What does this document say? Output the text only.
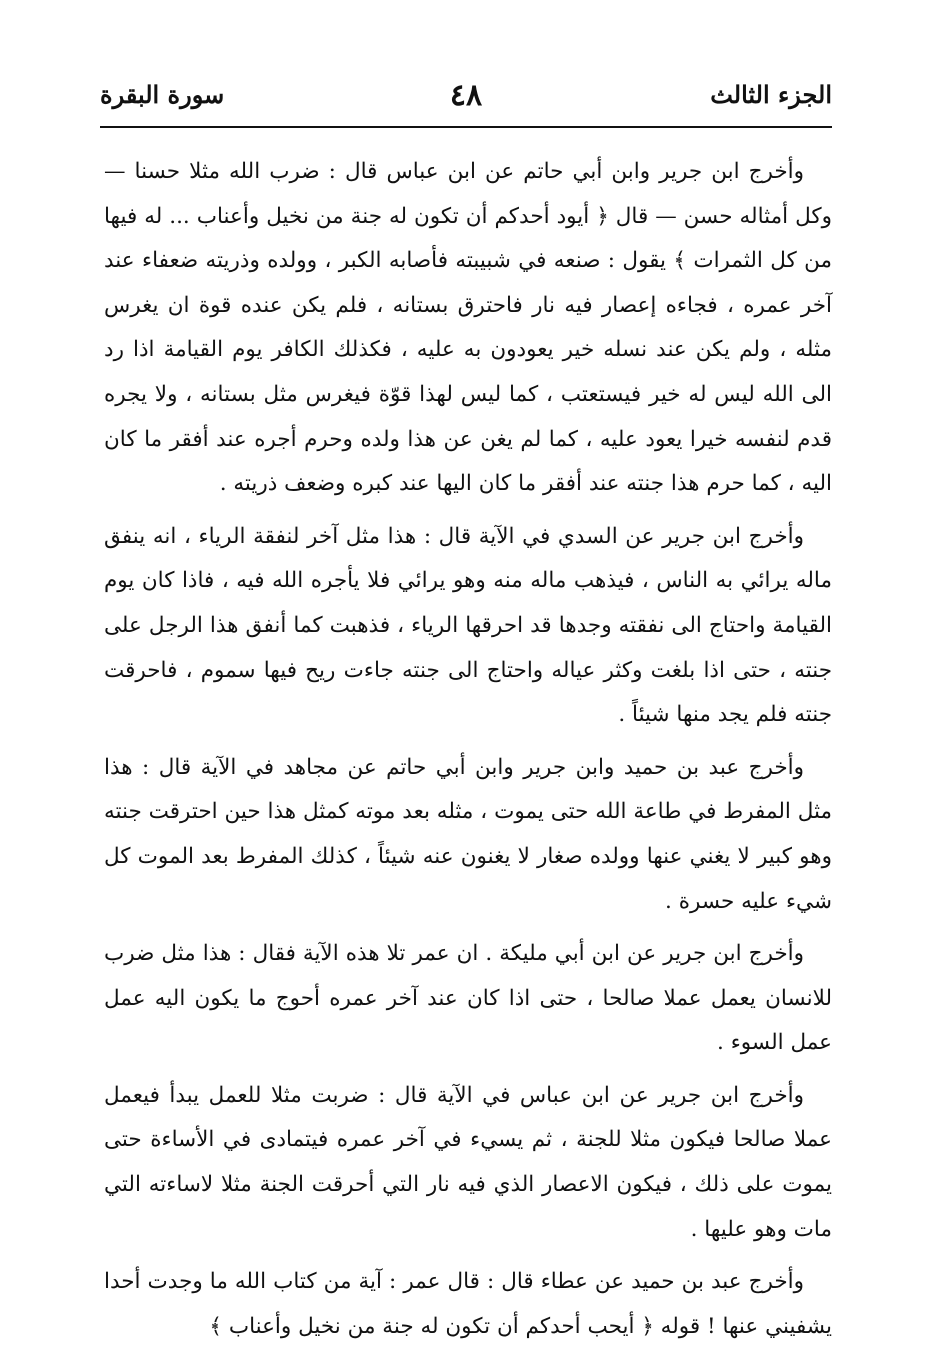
الجزء الثالث
٤٨
سورة البقرة

وأخرج ابن جرير وابن أبي حاتم عن ابن عباس قال : ضرب الله مثلا حسنا — وكل أمثاله حسن — قال ﴿ أيود أحدكم أن تكون له جنة من نخيل وأعناب ... له فيها من كل الثمرات ﴾ يقول : صنعه في شبيبته فأصابه الكبر ، وولده وذريته ضعفاء عند آخر عمره ، فجاءه إعصار فيه نار فاحترق بستانه ، فلم يكن عنده قوة ان يغرس مثله ، ولم يكن عند نسله خير يعودون به عليه ، فكذلك الكافر يوم القيامة اذا رد الى الله ليس له خير فيستعتب ، كما ليس لهذا قوّة فيغرس مثل بستانه ، ولا يجره قدم لنفسه خيرا يعود عليه ، كما لم يغن عن هذا ولده وحرم أجره عند أفقر ما كان اليه ، كما حرم هذا جنته عند أفقر ما كان اليها عند كبره وضعف ذريته .

وأخرج ابن جرير عن السدي في الآية قال : هذا مثل آخر لنفقة الرياء ، انه ينفق ماله يرائي به الناس ، فيذهب ماله منه وهو يرائي فلا يأجره الله فيه ، فاذا كان يوم القيامة واحتاج الى نفقته وجدها قد احرقها الرياء ، فذهبت كما أنفق هذا الرجل على جنته ، حتى اذا بلغت وكثر عياله واحتاج الى جنته جاءت ريح فيها سموم ، فاحرقت جنته فلم يجد منها شيئاً .

وأخرج عبد بن حميد وابن جرير وابن أبي حاتم عن مجاهد في الآية قال : هذا مثل المفرط في طاعة الله حتى يموت ، مثله بعد موته كمثل هذا حين احترقت جنته وهو كبير لا يغني عنها وولده صغار لا يغنون عنه شيئاً ، كذلك المفرط بعد الموت كل شيء عليه حسرة .

وأخرج ابن جرير عن ابن أبي مليكة . ان عمر تلا هذه الآية فقال : هذا مثل ضرب للانسان يعمل عملا صالحا ، حتى اذا كان عند آخر عمره أحوج ما يكون اليه عمل عمل السوء .

وأخرج ابن جرير عن ابن عباس في الآية قال : ضربت مثلا للعمل يبدأ فيعمل عملا صالحا فيكون مثلا للجنة ، ثم يسيء في آخر عمره فيتمادى في الأساءة حتى يموت على ذلك ، فيكون الاعصار الذي فيه نار التي أحرقت الجنة مثلا لاساءته التي مات وهو عليها .

وأخرج عبد بن حميد عن عطاء قال : قال عمر : آية من كتاب الله ما وجدت أحدا يشفيني عنها ! قوله ﴿ أيحب أحدكم أن تكون له جنة من نخيل وأعناب ﴾
